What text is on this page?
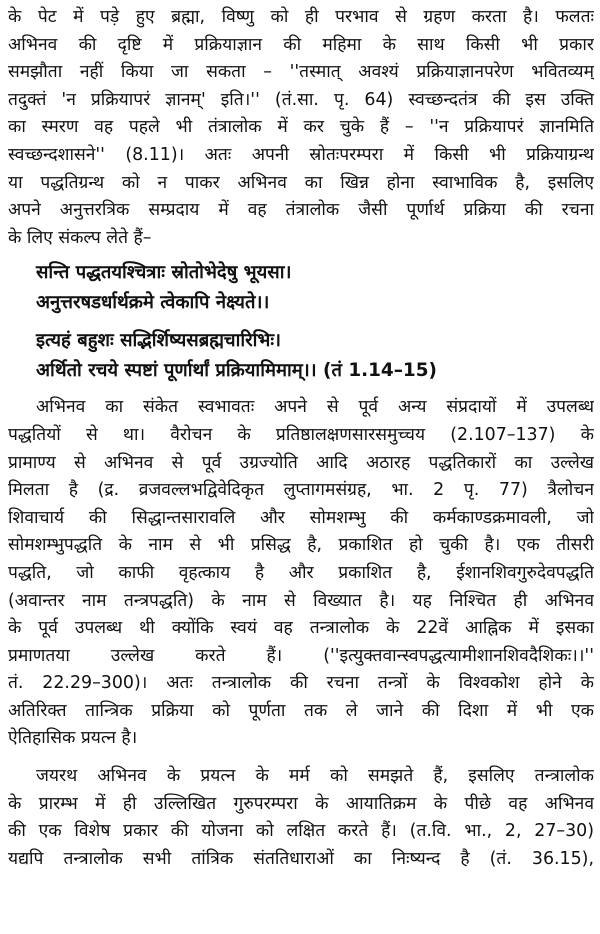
के पेट में पड़े हुए ब्रह्मा, विष्णु को ही परभाव से ग्रहण करता है। फलतः
अभिनव की दृष्टि में प्रक्रियाज्ञान की महिमा के साथ किसी भी प्रकार
समझौता नहीं किया जा सकता – ''तस्मात् अवश्यं प्रक्रियाज्ञानपरेण भवितव्यम्
तदुक्तं 'न प्रक्रियापरं ज्ञानम्' इति।'' (तं.सा. पृ. 64) स्वच्छन्दतंत्र की इस उक्ति
का स्मरण वह पहले भी तंत्रालोक में कर चुके हैं – ''न प्रक्रियापरं ज्ञानमिति
स्वच्छन्दशासने'' (8.11)। अतः अपनी स्रोतःपरम्परा में किसी भी प्रक्रियाग्रन्थ
या पद्धतिग्रन्थ को न पाकर अभिनव का खिन्न होना स्वाभाविक है, इसलिए
अपने अनुत्तरत्रिक सम्प्रदाय में वह तंत्रालोक जैसी पूर्णार्थ प्रक्रिया की रचना
के लिए संकल्प लेते हैं–
सन्ति पद्धतयश्चित्राः स्रोतोभेदेषु भूयसा।
अनुत्तरषडर्धार्थक्रमे त्वेकापि नेक्ष्यते।।
इत्यहं बहुशः सद्भिर्शिष्यसब्रह्मचारिभिः।
अर्थितो रचये स्पष्टां पूर्णार्थां प्रक्रियामिमाम्।। (तं 1.14–15)
अभिनव का संकेत स्वभावतः अपने से पूर्व अन्य संप्रदायों में उपलब्ध
पद्धतियों से था। वैरोचन के प्रतिष्ठालक्षणसारसमुच्चय (2.107–137) के
प्रामाण्य से अभिनव से पूर्व उग्रज्योति आदि अठारह पद्धतिकारों का उल्लेख
मिलता है (द्र. व्रजवल्लभद्विवेदिकृत लुप्तागमसंग्रह, भा. 2 पृ. 77) त्रैलोचन
शिवाचार्य की सिद्धान्तसारावलि और सोमशम्भु की कर्मकाण्डक्रमावली, जो
सोमशम्भुपद्धति के नाम से भी प्रसिद्ध है, प्रकाशित हो चुकी है। एक तीसरी
पद्धति, जो काफी वृहत्काय है और प्रकाशित है, ईशानशिवगुरुदेवपद्धति
(अवान्तर नाम तन्त्रपद्धति) के नाम से विख्यात है। यह निश्चित ही अभिनव
के पूर्व उपलब्ध थी क्योंकि स्वयं वह तन्त्रालोक के 22वें आह्निक में इसका
प्रमाणतया उल्लेख करते हैं। (''इत्युक्तवान्स्वपद्धत्यामीशानशिवदैशिकः।।''
तं. 22.29–300)। अतः तन्त्रालोक की रचना तन्त्रों के विश्वकोश होने के
अतिरिक्त तान्त्रिक प्रक्रिया को पूर्णता तक ले जाने की दिशा में भी एक
ऐतिहासिक प्रयत्न है।
जयरथ अभिनव के प्रयत्न के मर्म को समझते हैं, इसलिए तन्त्रालोक
के प्रारम्भ में ही उल्लिखित गुरुपरम्परा के आयातिक्रम के पीछे वह अभिनव
की एक विशेष प्रकार की योजना को लक्षित करते हैं। (त.वि. भा., 2, 27–30)
यद्यपि तन्त्रालोक सभी तांत्रिक संततिधाराओं का निःष्यन्द है (तं. 36.15),
